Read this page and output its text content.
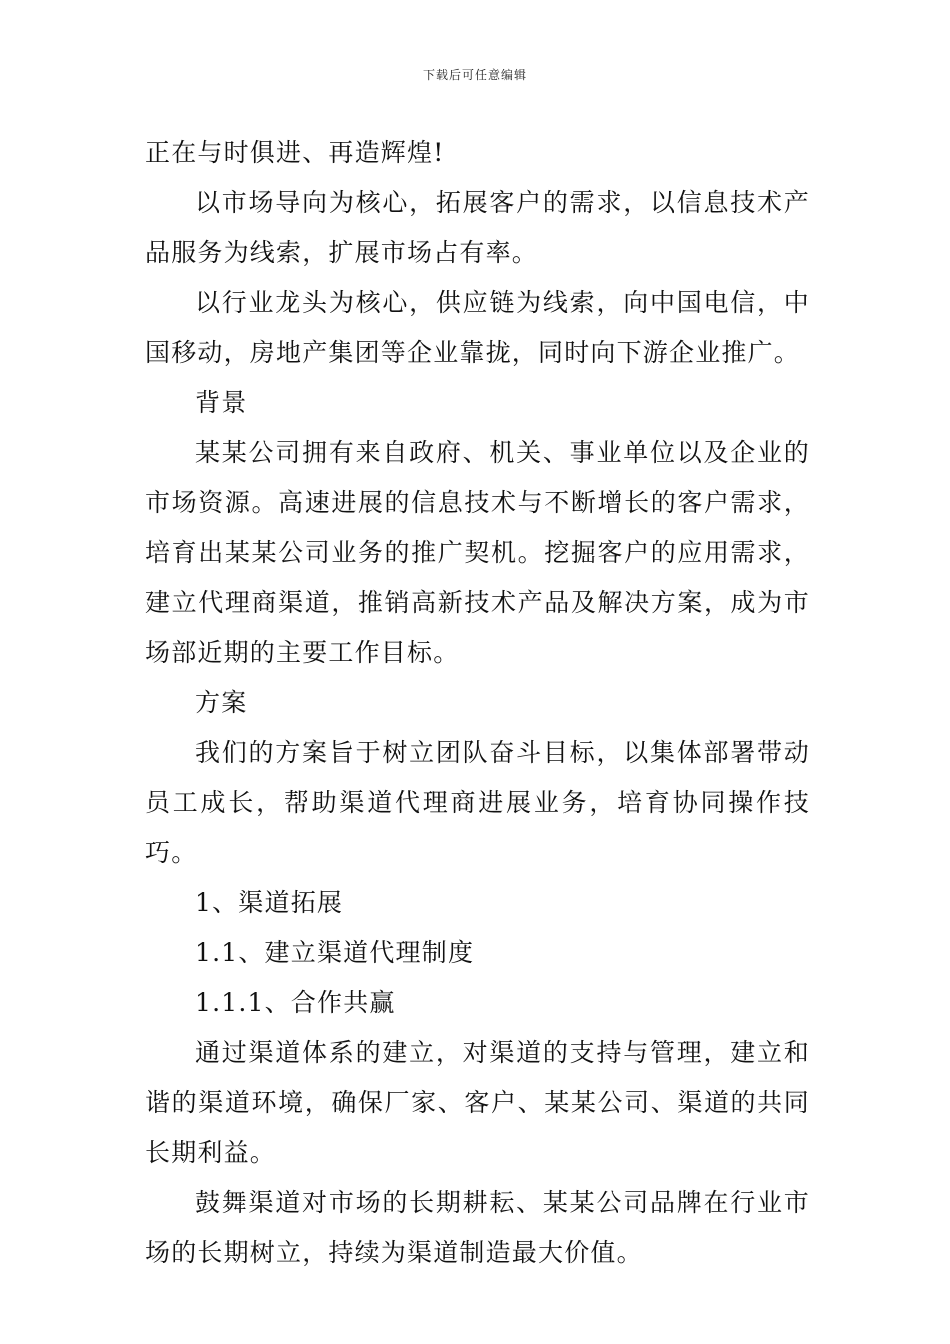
下载后可任意编辑

正在与时俱进、再造辉煌!

以市场导向为核心，拓展客户的需求，以信息技术产品服务为线索，扩展市场占有率。

以行业龙头为核心，供应链为线索，向中国电信，中国移动，房地产集团等企业靠拢，同时向下游企业推广。

背景

某某公司拥有来自政府、机关、事业单位以及企业的市场资源。高速进展的信息技术与不断增长的客户需求，培育出某某公司业务的推广契机。挖掘客户的应用需求，建立代理商渠道，推销高新技术产品及解决方案，成为市场部近期的主要工作目标。

方案

我们的方案旨于树立团队奋斗目标，以集体部署带动员工成长，帮助渠道代理商进展业务，培育协同操作技巧。

1、渠道拓展

1.1、建立渠道代理制度

1.1.1、合作共赢

通过渠道体系的建立，对渠道的支持与管理，建立和谐的渠道环境，确保厂家、客户、某某公司、渠道的共同长期利益。

鼓舞渠道对市场的长期耕耘、某某公司品牌在行业市场的长期树立，持续为渠道制造最大价值。
